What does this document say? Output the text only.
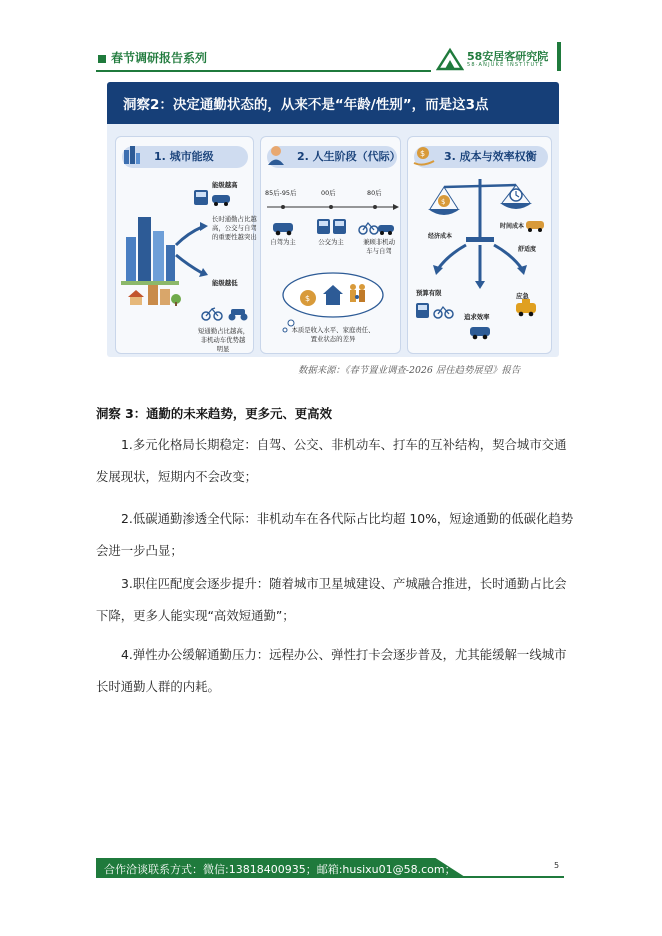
春节调研报告系列	58安居客研究院
58·ANJUKE INSTITUTE
洞察2：决定通勤状态的，从来不是“年龄/性别”，而是这3点
1. 城市能级
能级越高
长时通勤占比越
高，公交与自驾
的重要性越突出
能级越低
短通勤占比越高，
非机动车优势越
明显
2. 人生阶段（代际）
$
85后-95后	00后	80后
自驾为主	公交为主	兼顾非机动
车与自驾
本质是收入水平、家庭责任、
置业状态的差异
3. 成本与效率权衡
$
$
经济成本
时间成本
舒适度
预算有限
追求效率
应急
数据来源：《春节置业调查-2026 居住趋势展望》报告
洞察 3：通勤的未来趋势，更多元、更高效

1.多元化格局长期稳定：自驾、公交、非机动车、打车的互补结构，契合城市交通发展现状，短期内不会改变；

2.低碳通勤渗透全代际：非机动车在各代际占比均超 10%，短途通勤的低碳化趋势会进一步凸显；

3.职住匹配度会逐步提升：随着城市卫星城建设、产城融合推进，长时通勤占比会下降，更多人能实现“高效短通勤”；

4.弹性办公缓解通勤压力：远程办公、弹性打卡会逐步普及，尤其能缓解一线城市长时通勤人群的内耗。

合作洽谈联系方式：微信:13818400935；邮箱:husixu01@58.com；	5
